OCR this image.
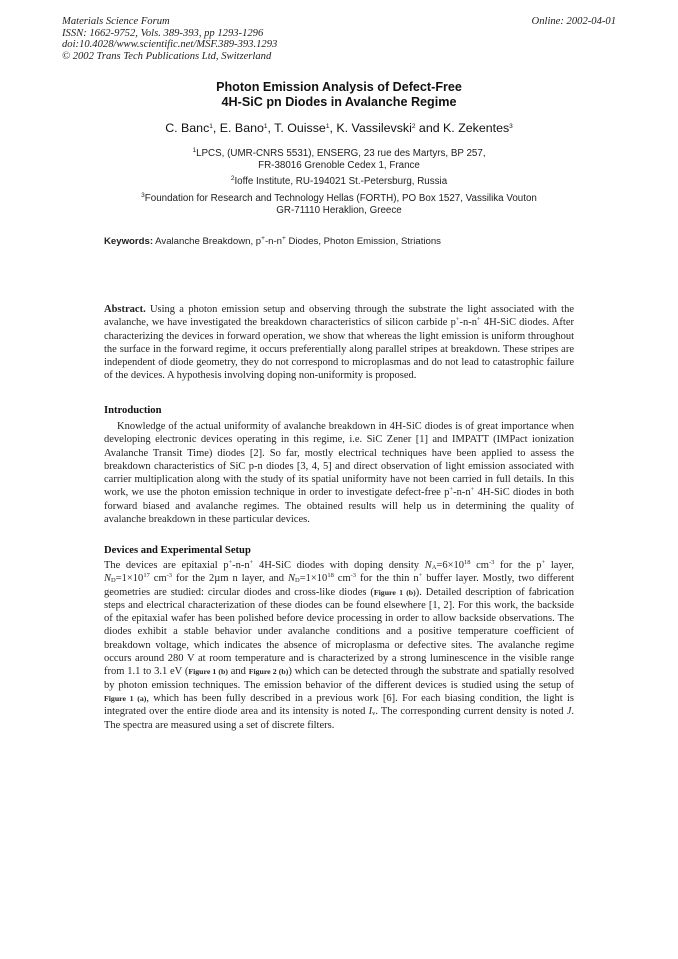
Materials Science Forum
ISSN: 1662-9752, Vols. 389-393, pp 1293-1296
doi:10.4028/www.scientific.net/MSF.389-393.1293
© 2002 Trans Tech Publications Ltd, Switzerland
Online: 2002-04-01
Photon Emission Analysis of Defect-Free
4H-SiC pn Diodes in Avalanche Regime
C. Banc$^1$, E. Bano$^1$, T. Ouisse$^1$, K. Vassilevski$^2$ and K. Zekentes$^3$
$^1$LPCS, (UMR-CNRS 5531), ENSERG, 23 rue des Martyrs, BP 257,
FR-38016 Grenoble Cedex 1, France
$^2$Ioffe Institute, RU-194021 St.-Petersburg, Russia
$^3$Foundation for Research and Technology Hellas (FORTH), PO Box 1527, Vassilika Vouton
GR-71110 Heraklion, Greece
Keywords: Avalanche Breakdown, p+-n-n+ Diodes, Photon Emission, Striations

Abstract. Using a photon emission setup and observing through the substrate the light associated with the avalanche, we have investigated the breakdown characteristics of silicon carbide p+-n-n+ 4H-SiC diodes. After characterizing the devices in forward operation, we show that whereas the light emission is uniform throughout the surface in the forward regime, it occurs preferentially along parallel stripes at breakdown. These stripes are independent of diode geometry, they do not correspond to microplasmas and do not lead to catastrophic failure of the devices. A hypothesis involving doping non-uniformity is proposed.

Introduction

Knowledge of the actual uniformity of avalanche breakdown in 4H-SiC diodes is of great importance when developing electronic devices operating in this regime, i.e. SiC Zener [1] and IMPATT (IMPact ionization Avalanche Transit Time) diodes [2]. So far, mostly electrical techniques have been applied to assess the breakdown characteristics of SiC p-n diodes [3, 4, 5] and direct observation of light emission associated with carrier multiplication along with the study of its spatial uniformity have not been carried in full details. In this work, we use the photon emission technique in order to investigate defect-free p+-n-n+ 4H-SiC diodes in both forward biased and avalanche regimes. The obtained results will help us in determining the quality of avalanche breakdown in these particular devices.

Devices and Experimental Setup

The devices are epitaxial p+-n-n+ 4H-SiC diodes with doping density $N_A=6\times 10^{18}$ $cm^{-3}$ for the p+ layer, $N_D=1\times 10^{17}$ $cm^{-3}$ for the 2µm n layer, and $N_D=1\times 10^{18}$ $cm^{-3}$ for the thin n+ buffer layer. Mostly, two different geometries are studied: circular diodes and cross-like diodes (Figure 1 (b)). Detailed description of fabrication steps and electrical characterization of these diodes can be found elsewhere [1, 2]. For this work, the backside of the epitaxial wafer has been polished before device processing in order to allow backside observations. The diodes exhibit a stable behavior under avalanche conditions and a positive temperature coefficient of breakdown voltage, which indicates the absence of microplasma or defective sites. The avalanche regime occurs around 280 V at room temperature and is characterized by a strong luminescence in the visible range from 1.1 to 3.1 eV (Figure 1 (b) and Figure 2 (b)) which can be detected through the substrate and spatially resolved by photon emission techniques. The emission behavior of the different devices is studied using the setup of Figure 1 (a), which has been fully described in a previous work [6]. For each biasing condition, the light is integrated over the entire diode area and its intensity is noted $I_v$. The corresponding current density is noted J. The spectra are measured using a set of discrete filters.
